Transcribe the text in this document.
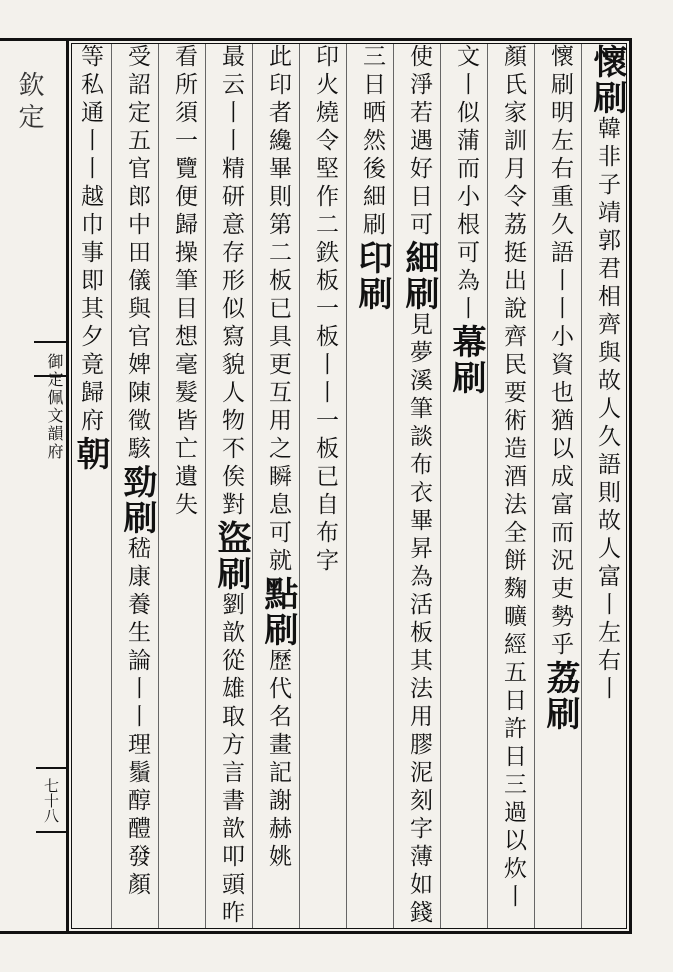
欽定
御定佩文韻府
七十八
懷刷韓非子靖郭君相齊與故人久語則故人富丨左右丨
懷刷明左右重久語丨丨小資也猶以成富而況吏勢乎荔刷
顏氏家訓月令荔挺出說齊民要術造酒法全餅麴曠經五日許日三過以炊丨
文丨似蒲而小根可為丨幕刷
使淨若遇好日可細刷見夢溪筆談布衣畢昇為活板其法用膠泥刻字薄如錢
三日晒然後細刷印刷
印火燒令堅作二鉄板一板丨丨一板已自布字
此印者纔畢則第二板已具更互用之瞬息可就點刷歷代名畫記謝赫姚
最云丨丨精研意存形似寫貌人物不俟對盜刷劉歆從雄取方言書歆叩頭昨
看所須一覽便歸操筆目想毫髮皆亡遺失
受詔定五官郎中田儀與官婢陳徵駭勁刷嵇康養生論丨丨理鬚醇醴發顏
等私通丨丨越巾事即其夕竟歸府朝
